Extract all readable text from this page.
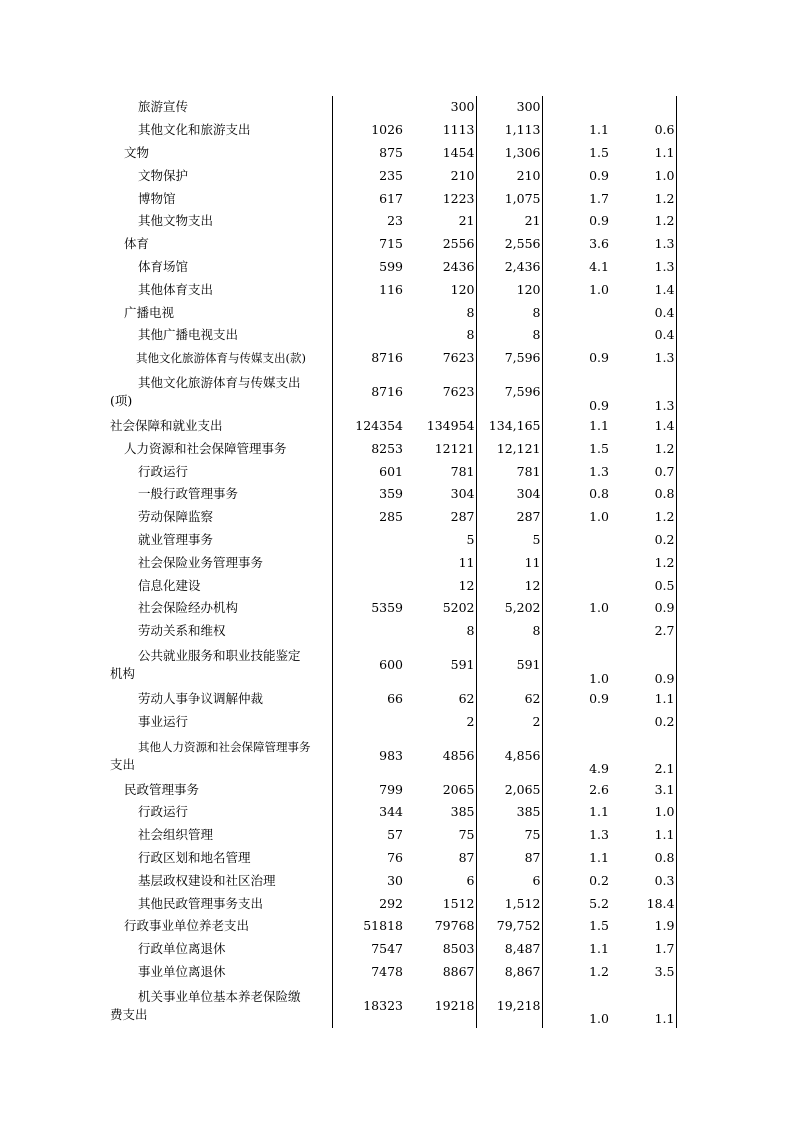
旅游宣传		300	300		
其他文化和旅游支出	1026	1113	1,113	1.1	0.6
文物	875	1454	1,306	1.5	1.1
文物保护	235	210	210	0.9	1.0
博物馆	617	1223	1,075	1.7	1.2
其他文物支出	23	21	21	0.9	1.2
体育	715	2556	2,556	3.6	1.3
体育场馆	599	2436	2,436	4.1	1.3
其他体育支出	116	120	120	1.0	1.4
广播电视		8	8		0.4
其他广播电视支出		8	8		0.4
其他文化旅游体育与传媒支出(款)	8716	7623	7,596	0.9	1.3

其他文化旅游体育与传媒支出
(项)	8716	7623	7,596	0.9	1.3
社会保障和就业支出	124354	134954	134,165	1.1	1.4
人力资源和社会保障管理事务	8253	12121	12,121	1.5	1.2
行政运行	601	781	781	1.3	0.7
一般行政管理事务	359	304	304	0.8	0.8
劳动保障监察	285	287	287	1.0	1.2
就业管理事务		5	5		0.2
社会保险业务管理事务		11	11		1.2
信息化建设		12	12		0.5
社会保险经办机构	5359	5202	5,202	1.0	0.9
劳动关系和维权		8	8		2.7

公共就业服务和职业技能鉴定
机构	600	591	591	1.0	0.9
劳动人事争议调解仲裁	66	62	62	0.9	1.1
事业运行		2	2		0.2

其他人力资源和社会保障管理事务
支出	983	4856	4,856	4.9	2.1
民政管理事务	799	2065	2,065	2.6	3.1
行政运行	344	385	385	1.1	1.0
社会组织管理	57	75	75	1.3	1.1
行政区划和地名管理	76	87	87	1.1	0.8
基层政权建设和社区治理	30	6	6	0.2	0.3
其他民政管理事务支出	292	1512	1,512	5.2	18.4
行政事业单位养老支出	51818	79768	79,752	1.5	1.9
行政单位离退休	7547	8503	8,487	1.1	1.7
事业单位离退休	7478	8867	8,867	1.2	3.5

机关事业单位基本养老保险缴
费支出	18323	19218	19,218	1.0	1.1
